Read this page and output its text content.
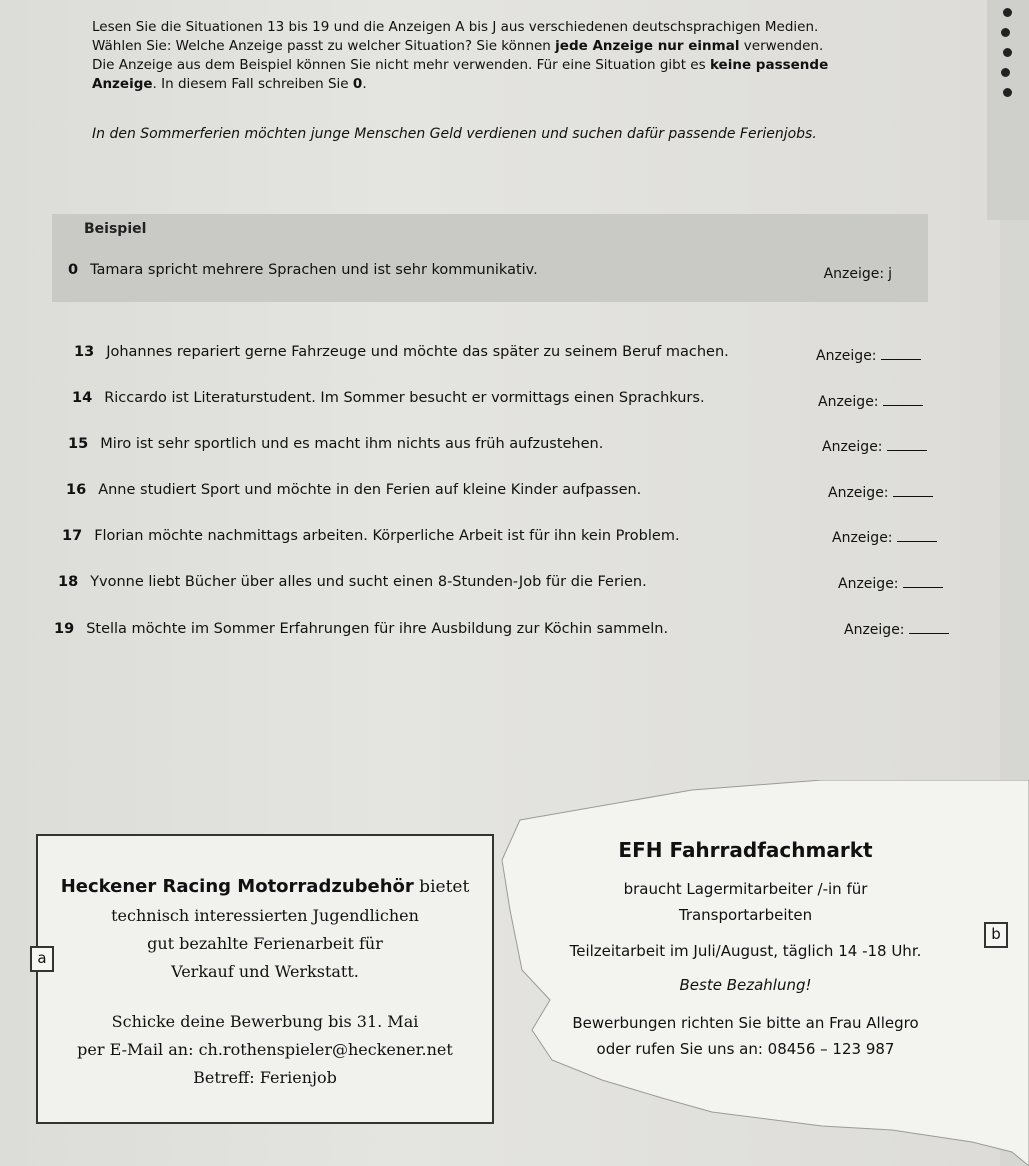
Lesen Sie die Situationen 13 bis 19 und die Anzeigen A bis J aus verschiedenen deutschsprachigen Medien.

Wählen Sie: Welche Anzeige passt zu welcher Situation? Sie können jede Anzeige nur einmal verwenden.

Die Anzeige aus dem Beispiel können Sie nicht mehr verwenden. Für eine Situation gibt es keine passende

Anzeige. In diesem Fall schreiben Sie 0.

In den Sommerferien möchten junge Menschen Geld verdienen und suchen dafür passende Ferienjobs.
Beispiel
0 Tamara spricht mehrere Sprachen und ist sehr kommunikativ.	Anzeige: j
13 Johannes repariert gerne Fahrzeuge und möchte das später zu seinem Beruf machen.	Anzeige:
14 Riccardo ist Literaturstudent. Im Sommer besucht er vormittags einen Sprachkurs.	Anzeige:
15 Miro ist sehr sportlich und es macht ihm nichts aus früh aufzustehen.	Anzeige:
16 Anne studiert Sport und möchte in den Ferien auf kleine Kinder aufpassen.	Anzeige:
17 Florian möchte nachmittags arbeiten. Körperliche Arbeit ist für ihn kein Problem.	Anzeige:
18 Yvonne liebt Bücher über alles und sucht einen 8-Stunden-Job für die Ferien.	Anzeige:
19 Stella möchte im Sommer Erfahrungen für ihre Ausbildung zur Köchin sammeln.	Anzeige:
Heckener Racing Motorradzubehör bietet
technisch interessierten Jugendlichen
gut bezahlte Ferienarbeit für
Verkauf und Werkstatt.
Schicke deine Bewerbung bis 31. Mai
per E-Mail an: ch.rothenspieler@heckener.net
Betreff: Ferienjob
a
EFH Fahrradfachmarkt
braucht Lagermitarbeiter /-in für
Transportarbeiten
Teilzeitarbeit im Juli/August, täglich 14 -18 Uhr.
Beste Bezahlung!
Bewerbungen richten Sie bitte an Frau Allegro
oder rufen Sie uns an: 08456 – 123 987
b
